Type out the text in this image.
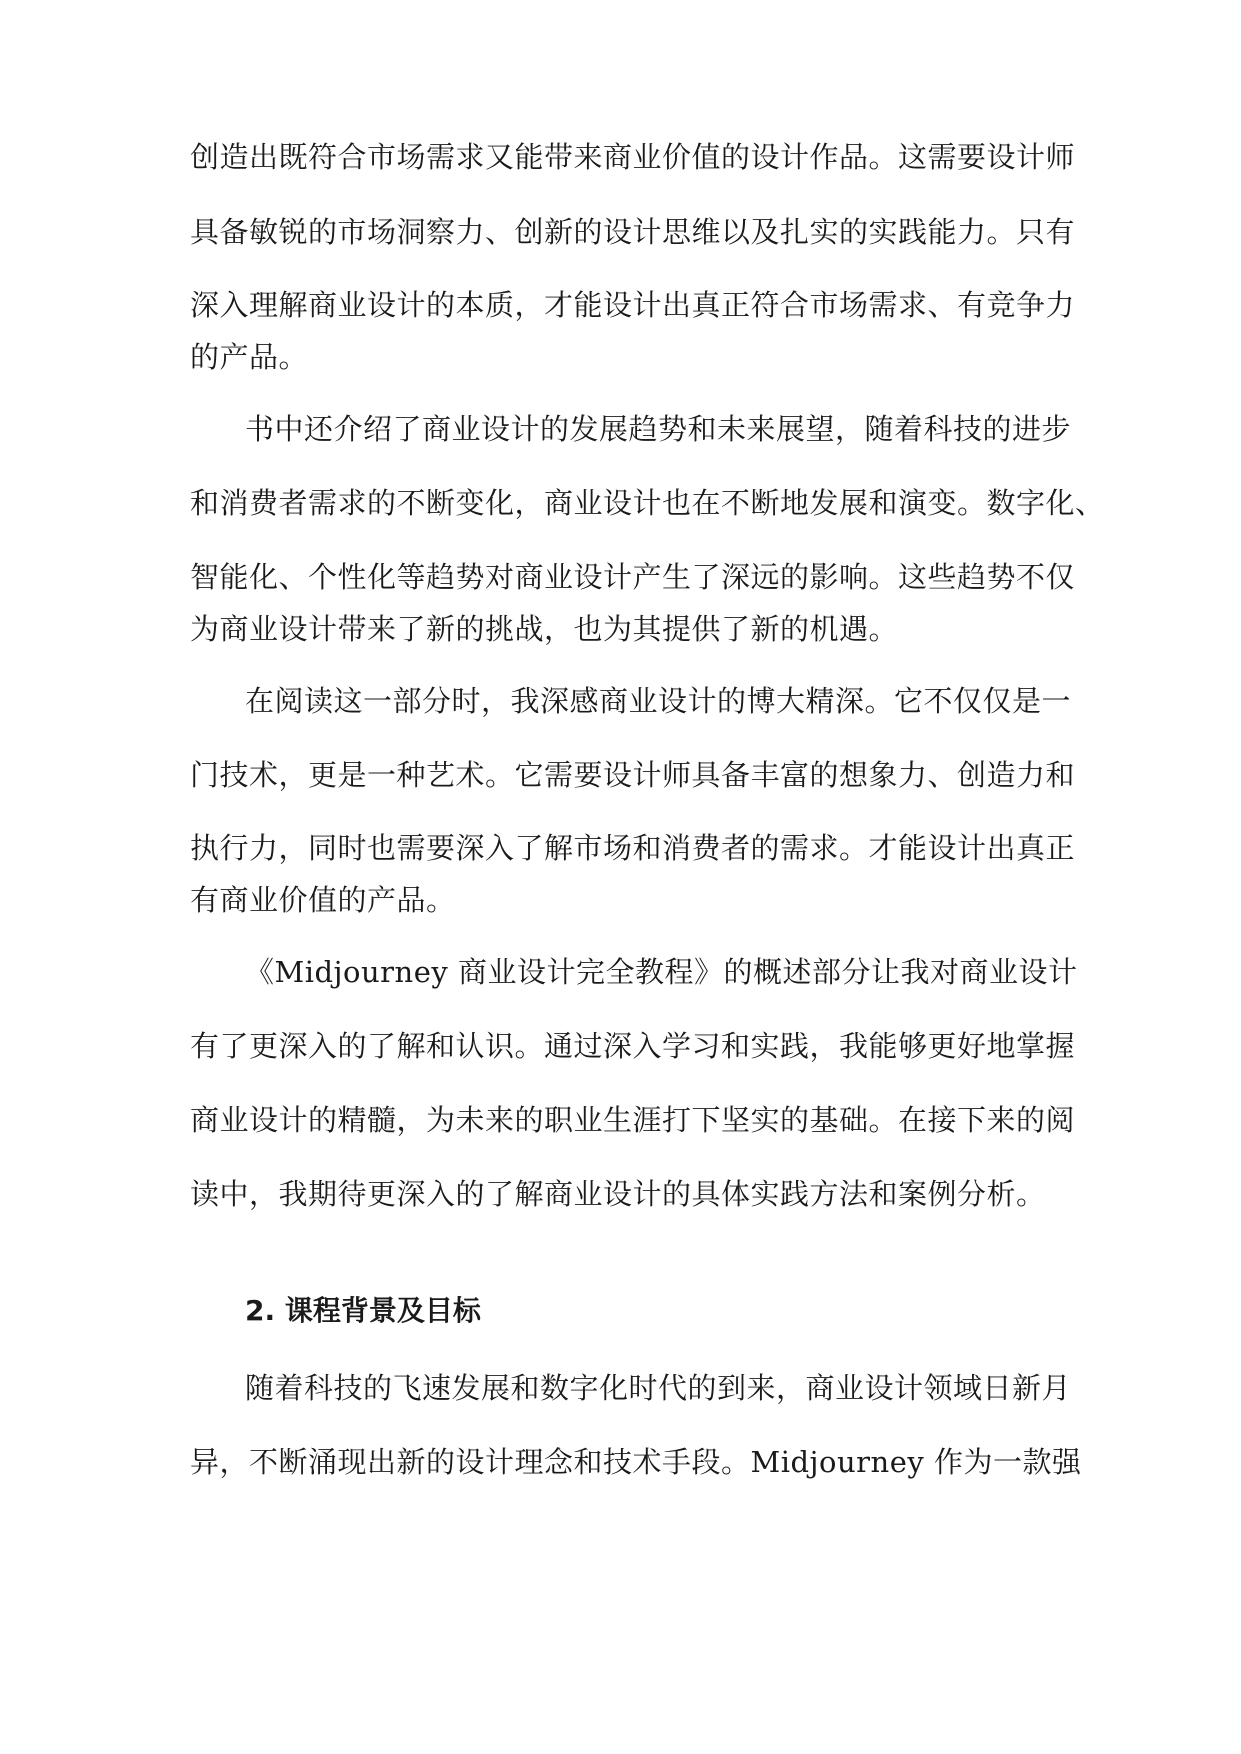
创造出既符合市场需求又能带来商业价值的设计作品。这需要设计师
具备敏锐的市场洞察力、创新的设计思维以及扎实的实践能力。只有
深入理解商业设计的本质，才能设计出真正符合市场需求、有竞争力
的产品。
书中还介绍了商业设计的发展趋势和未来展望，随着科技的进步
和消费者需求的不断变化，商业设计也在不断地发展和演变。数字化、
智能化、个性化等趋势对商业设计产生了深远的影响。这些趋势不仅
为商业设计带来了新的挑战，也为其提供了新的机遇。
在阅读这一部分时，我深感商业设计的博大精深。它不仅仅是一
门技术，更是一种艺术。它需要设计师具备丰富的想象力、创造力和
执行力，同时也需要深入了解市场和消费者的需求。才能设计出真正
有商业价值的产品。
《Midjourney 商业设计完全教程》的概述部分让我对商业设计
有了更深入的了解和认识。通过深入学习和实践，我能够更好地掌握
商业设计的精髓，为未来的职业生涯打下坚实的基础。在接下来的阅
读中，我期待更深入的了解商业设计的具体实践方法和案例分析。
2. 课程背景及目标
随着科技的飞速发展和数字化时代的到来，商业设计领域日新月
异，不断涌现出新的设计理念和技术手段。Midjourney 作为一款强
